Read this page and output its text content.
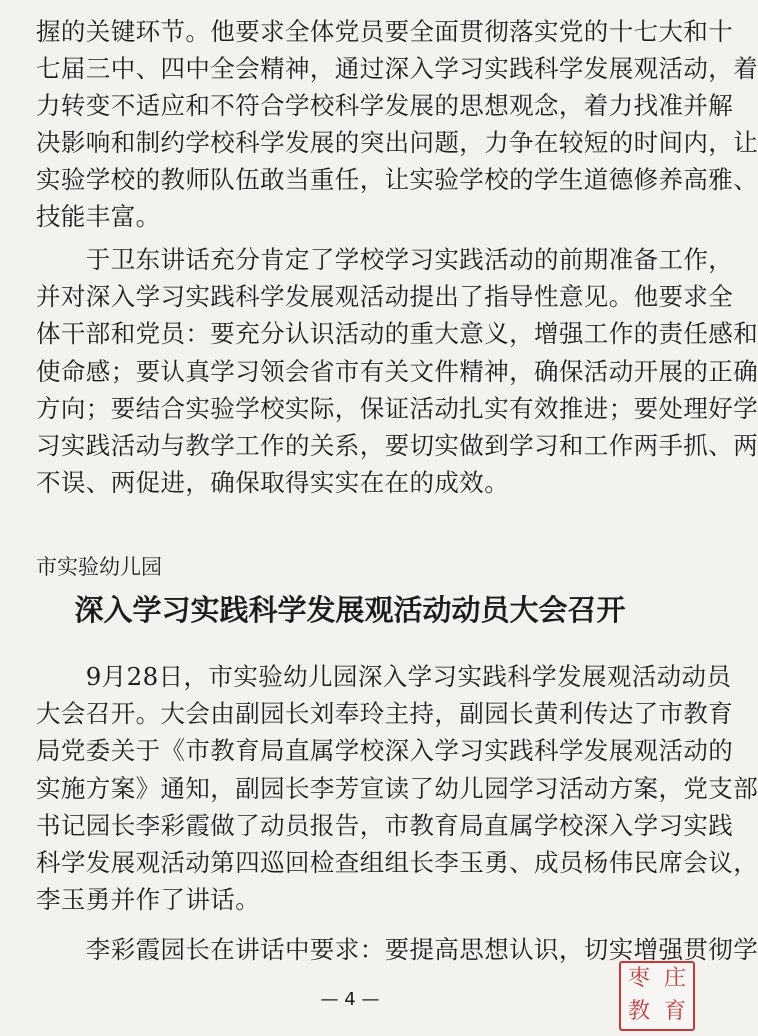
握的关键环节。他要求全体党员要全面贯彻落实党的十七大和十
七届三中、四中全会精神，通过深入学习实践科学发展观活动，着
力转变不适应和不符合学校科学发展的思想观念，着力找准并解
决影响和制约学校科学发展的突出问题，力争在较短的时间内，让
实验学校的教师队伍敢当重任，让实验学校的学生道德修养高雅、
技能丰富。
　　于卫东讲话充分肯定了学校学习实践活动的前期准备工作，
并对深入学习实践科学发展观活动提出了指导性意见。他要求全
体干部和党员：要充分认识活动的重大意义，增强工作的责任感和
使命感；要认真学习领会省市有关文件精神，确保活动开展的正确
方向；要结合实验学校实际，保证活动扎实有效推进；要处理好学
习实践活动与教学工作的关系，要切实做到学习和工作两手抓、两
不误、两促进，确保取得实实在在的成效。
　　9月28日，市实验幼儿园深入学习实践科学发展观活动动员
大会召开。大会由副园长刘奉玲主持，副园长黄利传达了市教育
局党委关于《市教育局直属学校深入学习实践科学发展观活动的
实施方案》通知，副园长李芳宣读了幼儿园学习活动方案，党支部
书记园长李彩霞做了动员报告，市教育局直属学校深入学习实践
科学发展观活动第四巡回检查组组长李玉勇、成员杨伟民席会议，
李玉勇并作了讲话。
　　李彩霞园长在讲话中要求：要提高思想认识，切实增强贯彻学
市实验幼儿园
深入学习实践科学发展观活动动员大会召开
— 4 —
枣 庄
教 育
